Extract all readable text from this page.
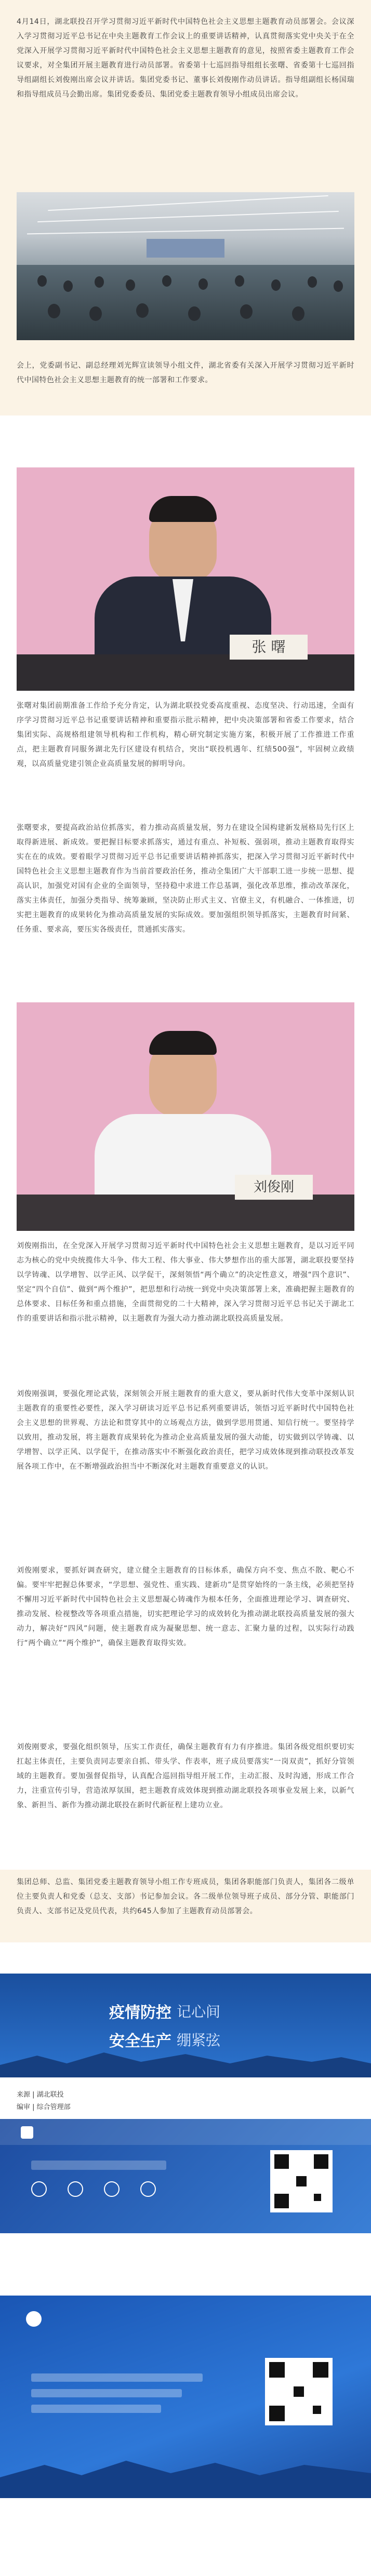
4月14日，湖北联投召开学习贯彻习近平新时代中国特色社会主义思想主题教育动员部署会。会议深入学习贯彻习近平总书记在中央主题教育工作会议上的重要讲话精神，认真贯彻落实党中央关于在全党深入开展学习贯彻习近平新时代中国特色社会主义思想主题教育的意见，按照省委主题教育工作会议要求，对全集团开展主题教育进行动员部署。省委第十七巡回指导组组长张曙、省委第十七巡回指导组副组长刘俊刚出席会议并讲话。集团党委书记、董事长刘俊刚作动员讲话。指导组副组长杨国瑞和指导组成员马会勤出席。集团党委委员、集团党委主题教育领导小组成员出席会议。

会上，党委副书记、副总经理刘光辉宣读领导小组文件，湖北省委有关深入开展学习贯彻习近平新时代中国特色社会主义思想主题教育的统一部署和工作要求。

张 曙

张曙对集团前期准备工作给予充分肯定，认为湖北联投党委高度重视、态度坚决、行动迅速，全面有序学习贯彻习近平总书记重要讲话精神和重要指示批示精神，把中央决策部署和省委工作要求，结合集团实际、高规格组建领导机构和工作机构，精心研究制定实施方案，积极开展了工作推进工作重点，把主题教育同服务湖北先行区建设有机结合，突出“联投机遇年、红绩500强”，牢固树立政绩观，以高质量党建引领企业高质量发展的鲜明导向。

张曙要求，要提高政治站位抓落实，着力推动高质量发展，努力在建设全国构建新发展格局先行区上取得新进展、新成效。要把握目标要求抓落实，通过有重点、补短板、强弱项，推动主题教育取得实实在在的成效。要着眼学习贯彻习近平总书记重要讲话精神抓落实，把深入学习贯彻习近平新时代中国特色社会主义思想主题教育作为当前首要政治任务，推动全集团广大干部职工进一步统一思想、提高认识，加强党对国有企业的全面领导，坚持稳中求进工作总基调，强化改革思维，推动改革深化，落实主体责任，加强分类指导、统筹兼顾，坚决防止形式主义、官僚主义，有机融合、一体推进，切实把主题教育的成果转化为推动高质量发展的实际成效。要加强组织领导抓落实，主题教育时间紧、任务重、要求高，要压实各级责任，贯通抓实落实。

刘俊刚

刘俊刚指出，在全党深入开展学习贯彻习近平新时代中国特色社会主义思想主题教育，是以习近平同志为核心的党中央统揽伟大斗争、伟大工程、伟大事业、伟大梦想作出的重大部署，湖北联投要坚持以学铸魂、以学增智、以学正风、以学促干，深刻领悟“两个确立”的决定性意义，增强“四个意识”、坚定“四个自信”、做到“两个维护”，把思想和行动统一到党中央决策部署上来，准确把握主题教育的总体要求、目标任务和重点措施，全面贯彻党的二十大精神，深入学习贯彻习近平总书记关于湖北工作的重要讲话和指示批示精神，以主题教育为强大动力推动湖北联投高质量发展。

刘俊刚强调，要强化理论武装，深刻领会开展主题教育的重大意义，要从新时代伟大变革中深刻认识主题教育的重要性必要性，深入学习研读习近平总书记系列重要讲话，领悟习近平新时代中国特色社会主义思想的世界观、方法论和贯穿其中的立场观点方法，做到学思用贯通、知信行统一。要坚持学以致用，推动发展，将主题教育成果转化为推动企业高质量发展的强大动能，切实做到以学铸魂、以学增智、以学正风、以学促干，在推动落实中不断强化政治责任，把学习成效体现到推动联投改革发展各项工作中，在不断增强政治担当中不断深化对主题教育重要意义的认识。

刘俊刚要求，要抓好调查研究，建立健全主题教育的目标体系，确保方向不变、焦点不散、靶心不偏。要牢牢把握总体要求，“学思想、强党性、重实践、建新功”是贯穿始终的一条主线，必须把坚持不懈用习近平新时代中国特色社会主义思想凝心铸魂作为根本任务，全面推进理论学习、调查研究、推动发展、检视整改等各项重点措施，切实把理论学习的成效转化为推动湖北联投高质量发展的强大动力，解决好“四风”问题，使主题教育成为凝聚思想、统一意志、汇聚力量的过程，以实际行动践行“两个确立”“两个维护”，确保主题教育取得实效。

刘俊刚要求，要强化组织领导，压实工作责任，确保主题教育有力有序推进。集团各级党组织要切实扛起主体责任，主要负责同志要亲自抓、带头学、作表率，班子成员要落实“一岗双责”，抓好分管领域的主题教育。要加强督促指导，认真配合巡回指导组开展工作，主动汇报、及时沟通，形成工作合力，注重宣传引导，营造浓厚氛围，把主题教育成效体现到推动湖北联投各项事业发展上来，以新气象、新担当、新作为推动湖北联投在新时代新征程上建功立业。

集团总师、总监、集团党委主题教育领导小组工作专班成员，集团各职能部门负责人，集团各二级单位主要负责人和党委（总支、支部）书记参加会议。各二级单位领导班子成员、部分分管、职能部门负责人、支部书记及党员代表，共约645人参加了主题教育动员部署会。

疫情防控 记心间
安全生产 绷紧弦
来源 | 湖北联投
编审 | 综合管理部
